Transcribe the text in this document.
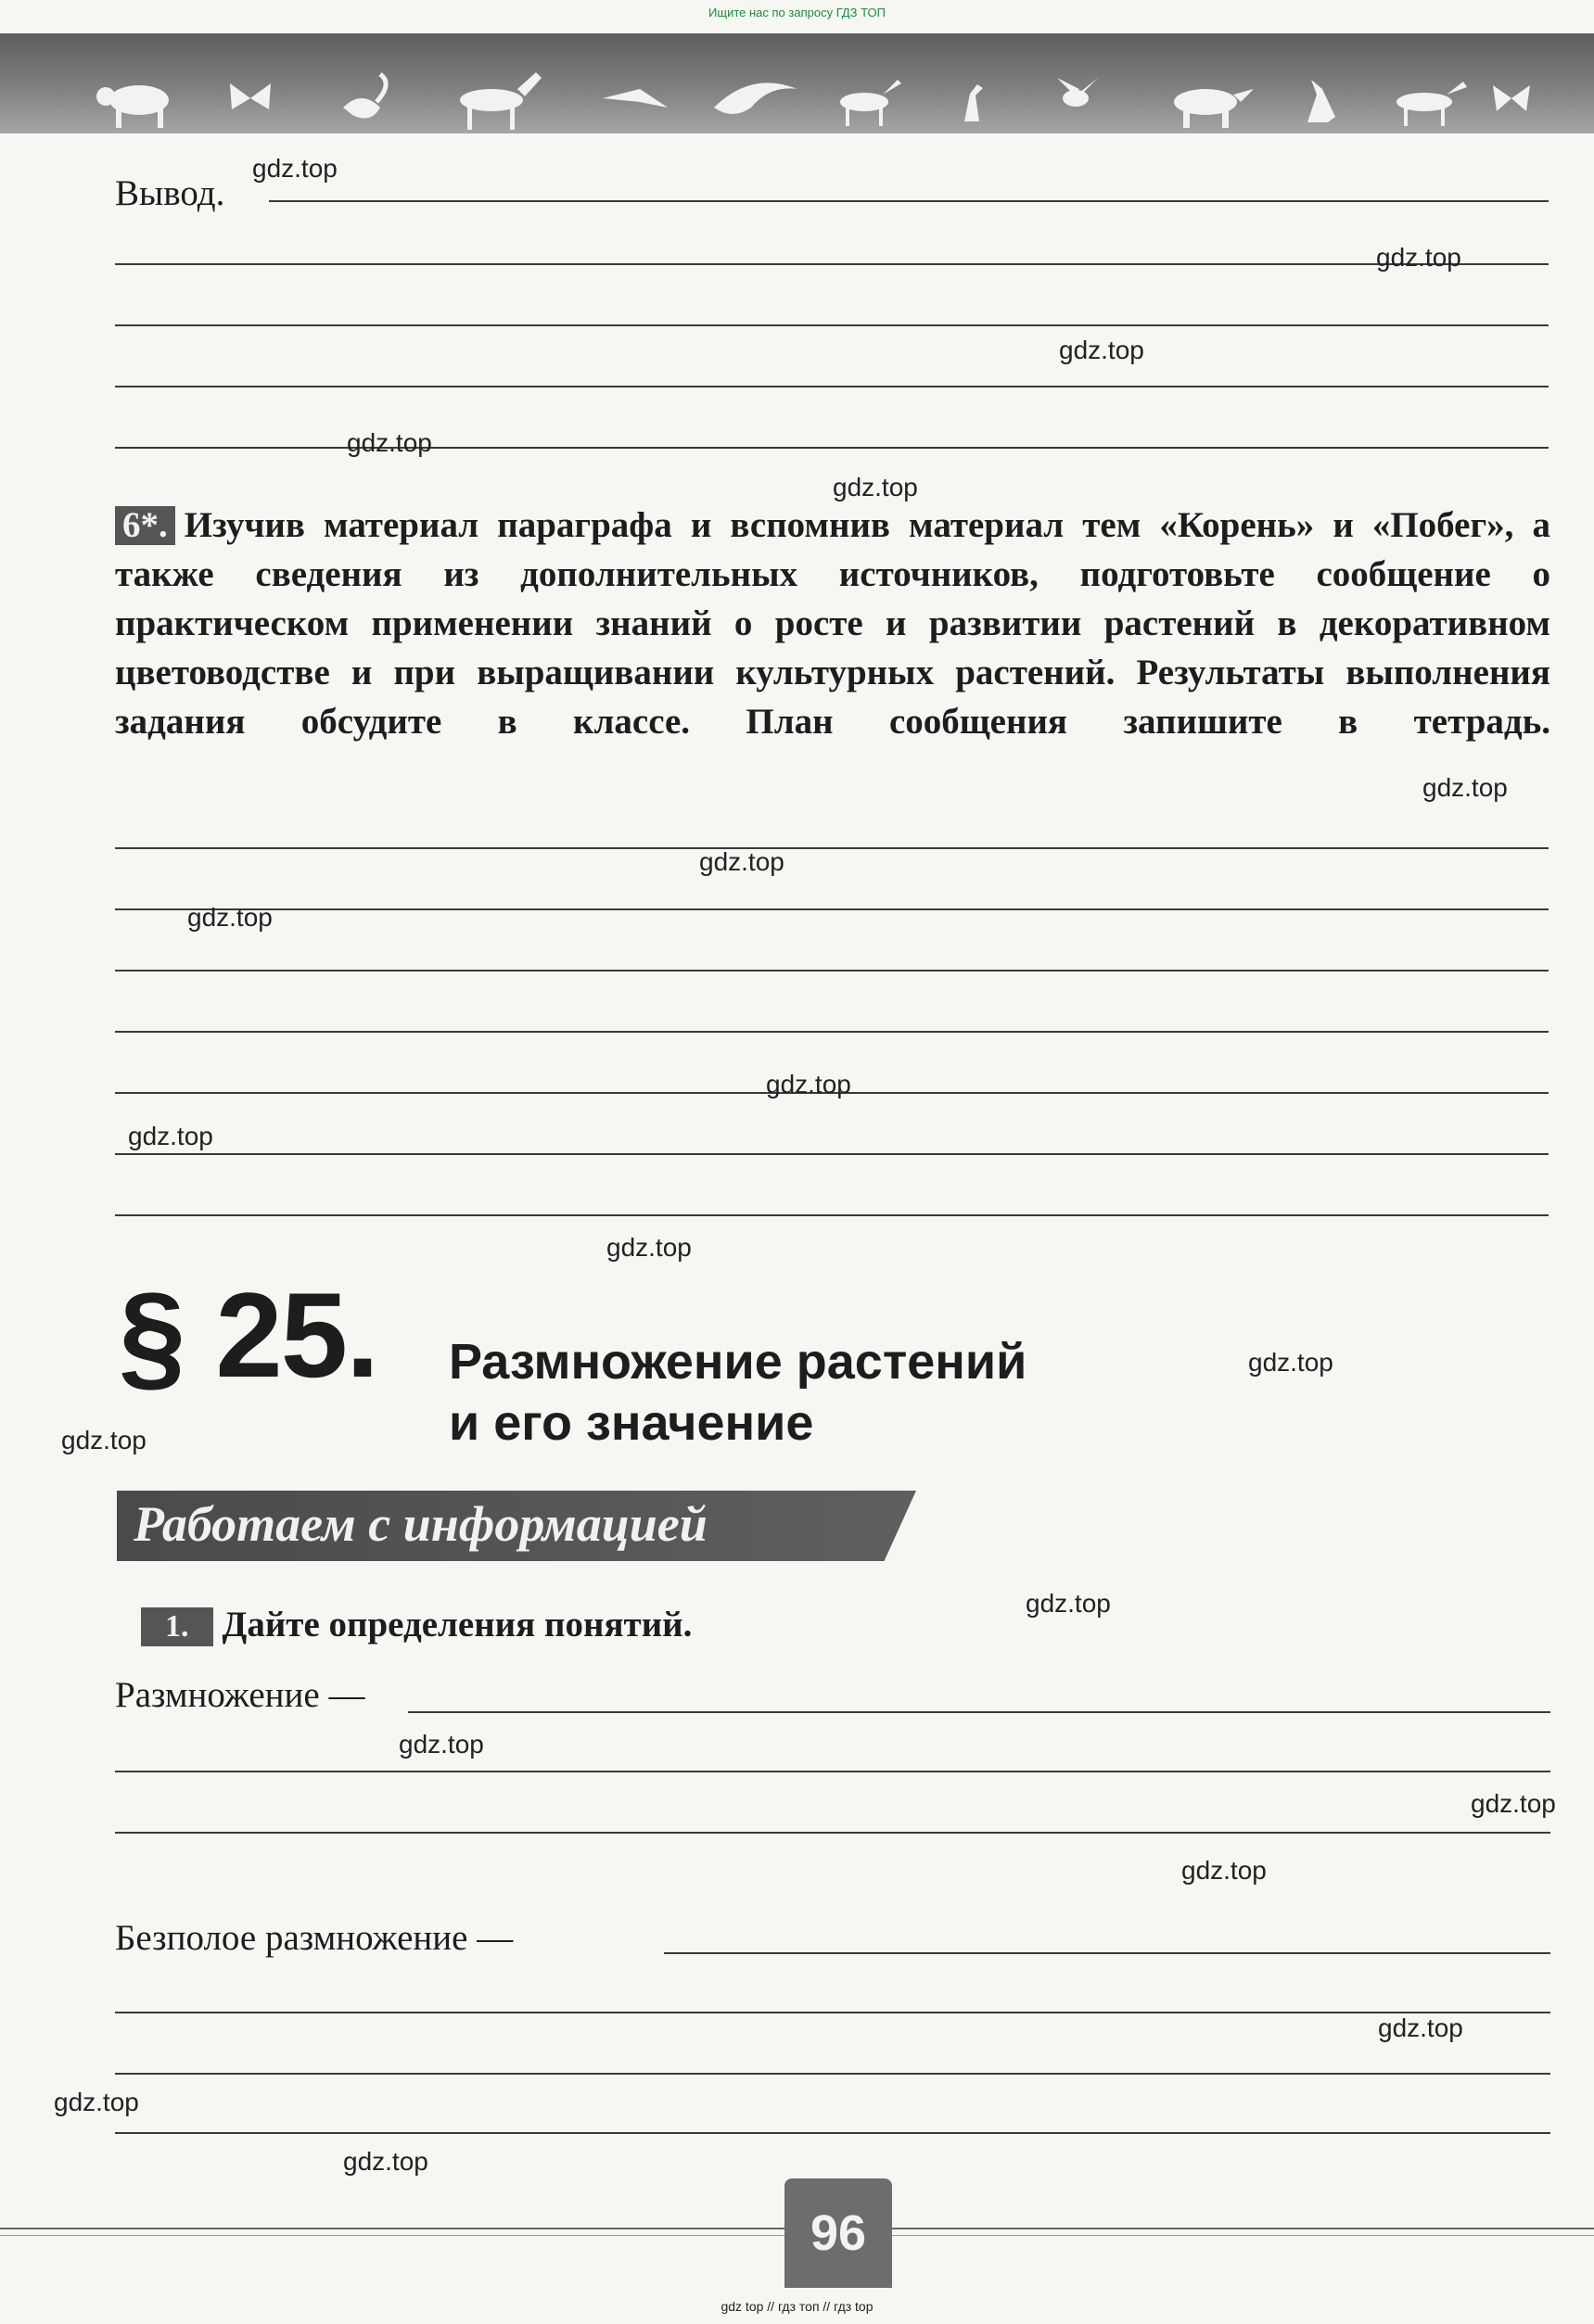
Ищите нас по запросу ГДЗ ТОП
Вывод.
6*. Изучив материал параграфа и вспомнив материал тем «Корень» и «Побег», а также сведения из дополнительных источников, подготовьте сообщение о практическом применении знаний о росте и развитии растений в декоративном цветоводстве и при выращивании культурных растений. Результаты выполнения задания обсудите в классе. План сообщения запишите в тетрадь.
§ 25. Размножение растений
и его значение
Работаем с информацией
1. Дайте определения понятий.
Размножение —
Безполое размножение —
96
gdz.top
gdz.top
gdz.top
gdz.top
gdz.top
gdz.top
gdz.top
gdz.top
gdz.top
gdz.top
gdz.top
gdz.top
gdz.top
gdz.top
gdz.top
gdz.top
gdz.top
gdz.top
gdz.top
gdz.top
gdz top // гдз топ // гдз top
